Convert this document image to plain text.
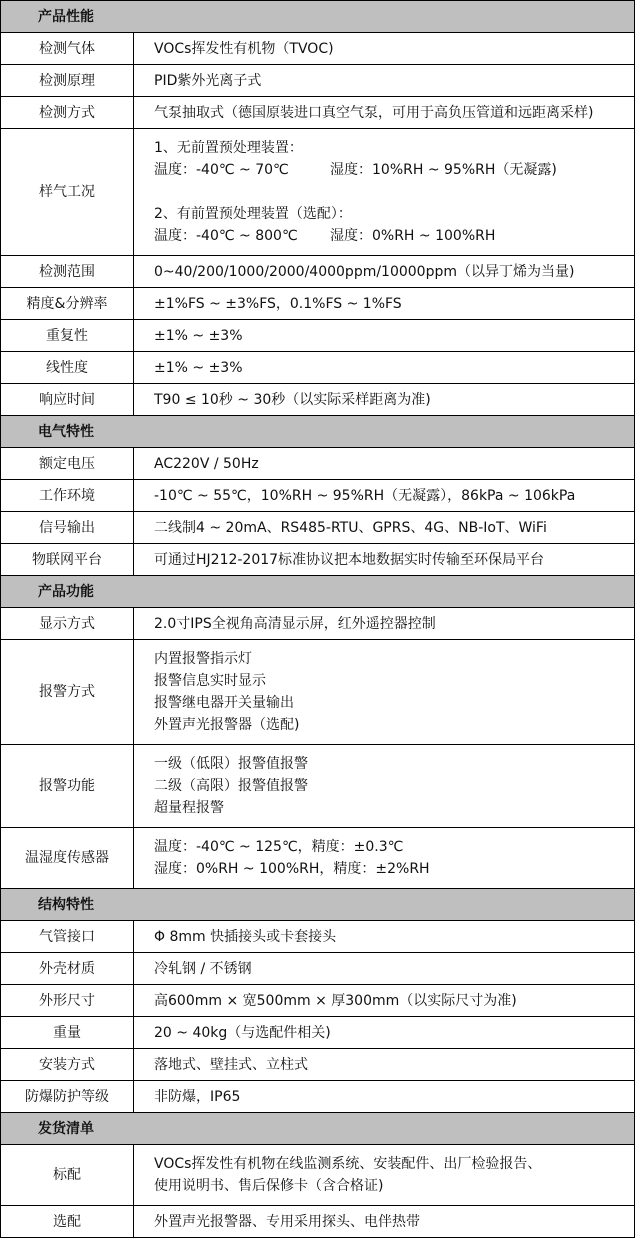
产品性能	
检测气体	VOCs挥发性有机物（TVOC)

检测原理	PID紫外光离子式

检测方式	气泵抽取式（德国原装进口真空气泵，可用于高负压管道和远距离采样)

样气工况	1、无前置预处理装置：
温度：-40℃ ~ 70℃ 湿度：10%RH ~ 95%RH（无凝露)
2、有前置预处理装置（选配）：
温度：-40℃ ~ 800℃ 湿度：0%RH ~ 100%RH

检测范围	0~40/200/1000/2000/4000ppm/10000ppm（以异丁烯为当量)

精度&分辨率	±1%FS ~ ±3%FS，0.1%FS ~ 1%FS

重复性	±1% ~ ±3%

线性度	±1% ~ ±3%

响应时间	T90 ≤ 10秒 ~ 30秒（以实际采样距离为准)

电气特性	
额定电压	AC220V / 50Hz

工作环境	-10℃ ~ 55℃，10%RH ~ 95%RH（无凝露），86kPa ~ 106kPa

信号输出	二线制4 ~ 20mA、RS485-RTU、GPRS、4G、NB-IoT、WiFi

物联网平台	可通过HJ212-2017标准协议把本地数据实时传输至环保局平台

产品功能	
显示方式	2.0寸IPS全视角高清显示屏，红外遥控器控制

报警方式	内置报警指示灯
报警信息实时显示
报警继电器开关量输出
外置声光报警器（选配)

报警功能	一级（低限）报警值报警
二级（高限）报警值报警
超量程报警

温湿度传感器	温度：-40℃ ~ 125℃，精度：±0.3℃
湿度：0%RH ~ 100%RH，精度：±2%RH

结构特性	
气管接口	Φ 8mm 快插接头或卡套接头

外壳材质	冷轧钢 / 不锈钢

外形尺寸	高600mm × 宽500mm × 厚300mm（以实际尺寸为准)

重量	20 ~ 40kg（与选配件相关)

安装方式	落地式、壁挂式、立柱式

防爆防护等级	非防爆，IP65

发货清单	
标配	VOCs挥发性有机物在线监测系统、安装配件、出厂检验报告、
使用说明书、售后保修卡（含合格证)

选配	外置声光报警器、专用采用探头、电伴热带
